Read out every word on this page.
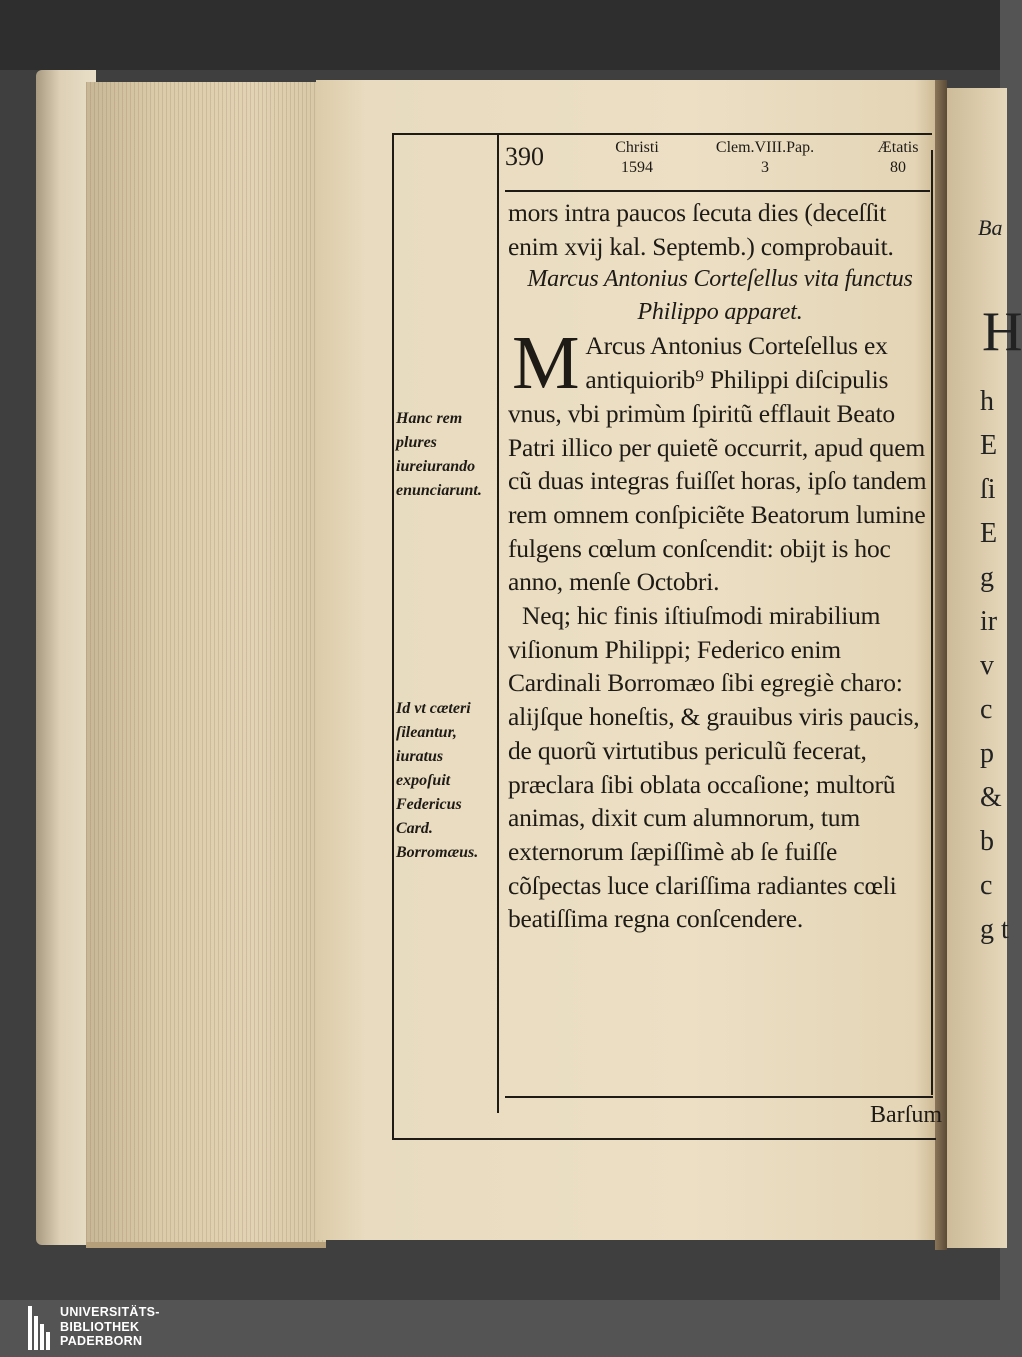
Ba
H
h E ſi E g ir v c p & b c g t
390	Christi
1594
Clem.VIII.Pap.
3
Ætatis
80

mors intra paucos ſecuta dies (deceſſit enim xvij kal. Septemb.) comprobauit.

Marcus Antonius Corteſellus vita functus Philippo apparet.

M Arcus Antonius Corteſellus ex antiquiorib⁹ Philippi diſcipulis vnus, vbi primùm ſpiritũ efflauit Beato Patri illico per quietẽ occurrit, apud quem cũ duas integras fuiſſet horas, ipſo tandem rem omnem conſpiciẽte Beatorum lumine fulgens cœlum conſcendit: obijt is hoc anno, menſe Octobri.

Neq; hic finis iſtiuſmodi mirabilium viſionum Philippi; Federico enim Cardinali Borromæo ſibi egregiè charo: alijſque honeſtis, & grauibus viris paucis, de quorũ virtutibus periculũ fecerat, præclara ſibi oblata occaſione; multorũ animas, dixit cum alumnorum, tum externorum ſæpiſſimè ab ſe fuiſſe cõſpectas luce clariſſima radiantes cœli beatiſſima regna conſcendere.

Hanc rem plures iureiurando enunciarunt.
Id vt cæteri ſileantur, iuratus expoſuit Federicus Card. Borromæus.
Barſum
UNIVERSITÄTS-
BIBLIOTHEK
PADERBORN
